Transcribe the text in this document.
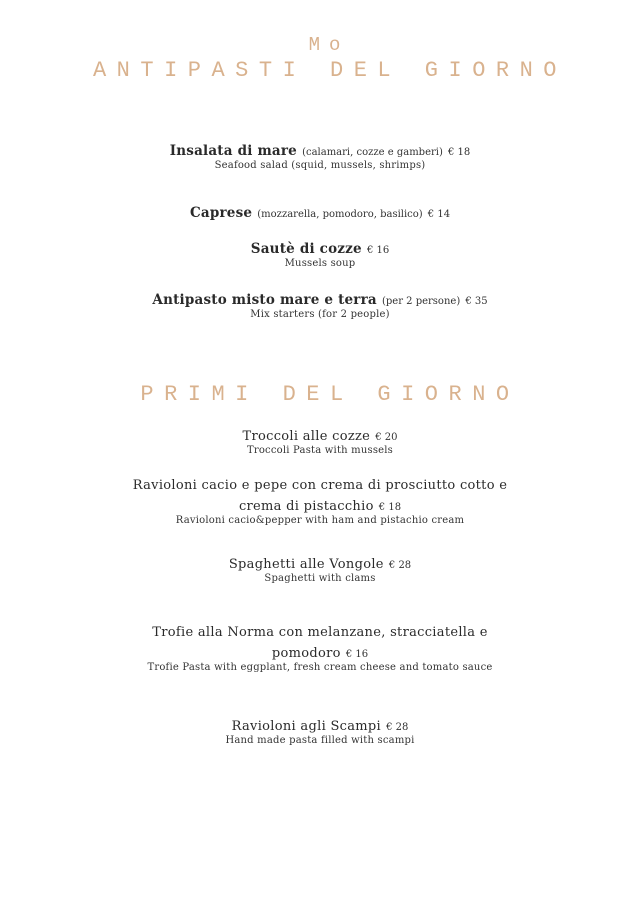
Mo
ANTIPASTI DEL GIORNO
Insalata di mare (calamari, cozze e gamberi) € 18
Seafood salad (squid, mussels, shrimps)
Caprese (mozzarella, pomodoro, basilico) € 14
Sautè di cozze € 16
Mussels soup
Antipasto misto mare e terra (per 2 persone) € 35
Mix starters (for 2 people)
PRIMI DEL GIORNO
Troccoli alle cozze € 20
Troccoli Pasta with mussels
Ravioloni cacio e pepe con crema di prosciutto cotto e
crema di pistacchio € 18
Ravioloni cacio&pepper with ham and pistachio cream
Spaghetti alle Vongole € 28
Spaghetti with clams
Trofie alla Norma con melanzane, stracciatella e
pomodoro € 16
Trofie Pasta with eggplant, fresh cream cheese and tomato sauce
Ravioloni agli Scampi € 28
Hand made pasta filled with scampi
